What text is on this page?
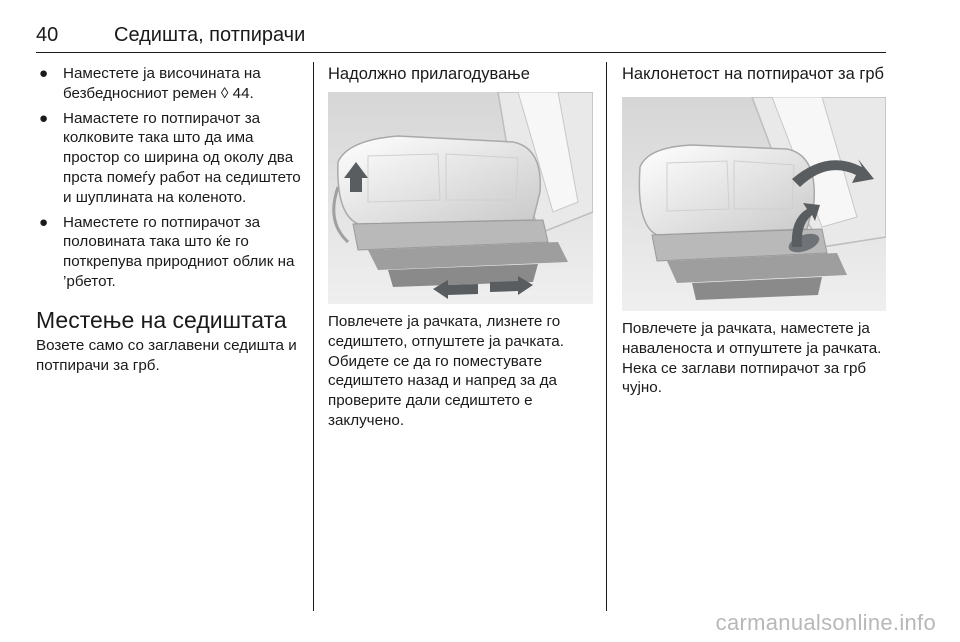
40	Седишта, потпирачи
● Наместете ја височината на безбедносниот ремен ◊ 44.
● Намастете го потпирачот за колковите така што да има простор со ширина од околу два прста помеѓу работ на седиштето и шуплината на коленото.
● Наместете го потпирачот за половината така што ќе го поткрепува природниот облик на ’рбетот.
Местење на седиштата
Возете само со заглавени седишта и потпирачи за грб.
Надолжно прилагодување
Повлечете ја рачката, лизнете го седиштето, отпуштете ја рачката. Обидете се да го поместувате седиштето назад и напред за да проверите дали седиштето е заклучено.
Наклонетост на потпирачот за грб
Повлечете ја рачката, наместете ја наваленоста и отпуштете ја рачката. Нека се заглави потпирачот за грб чујно.
carmanualsonline.info
